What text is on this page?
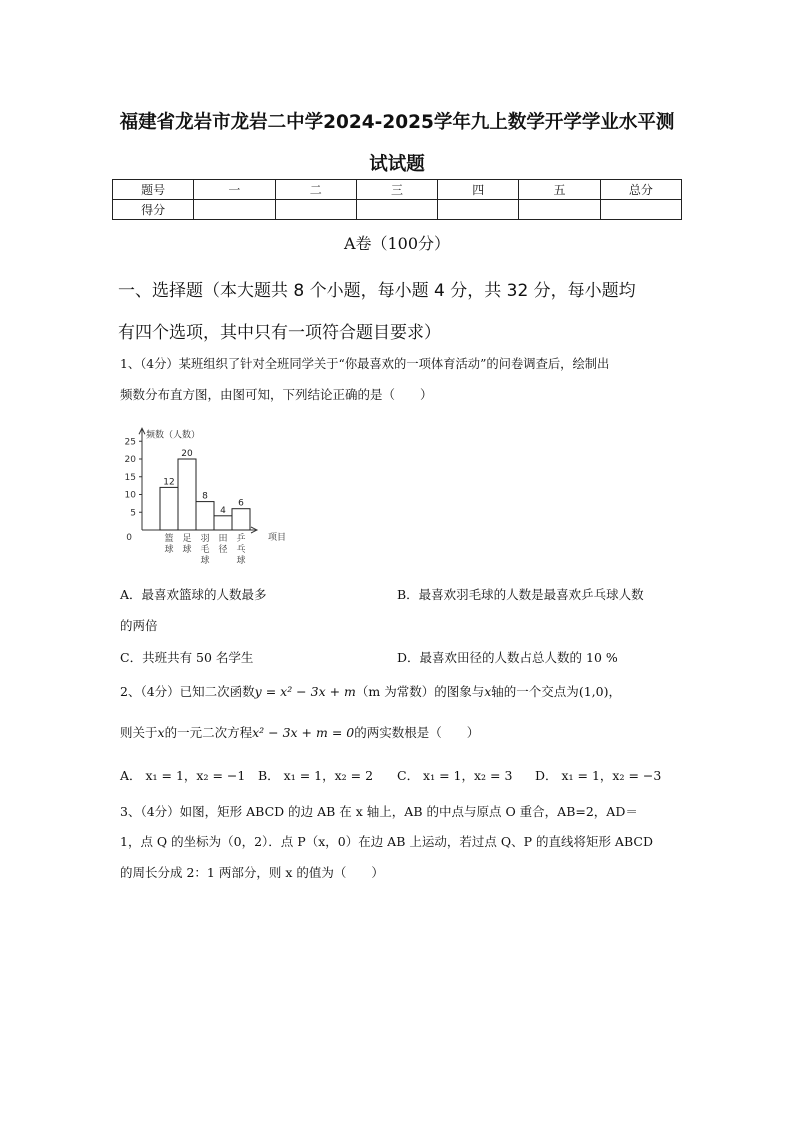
福建省龙岩市龙岩二中学2024-2025学年九上数学开学学业水平测
试试题
题号	一	二	三	四	五	总分
得分						
A卷（100分）
一、选择题（本大题共 8 个小题，每小题 4 分，共 32 分，每小题均
有四个选项，其中只有一项符合题目要求）
1、（4分）某班组织了针对全班同学关于“你最喜欢的一项体育活动”的问卷调查后，绘制出
频数分布直方图，由图可知，下列结论正确的是（　　）
频数（人数）
项目
0
25
20
15
10
5
12
篮
球
20
足
球
8
羽
毛
球
4
田
径
6
乒
乓
球
A．最喜欢篮球的人数最多	B．最喜欢羽毛球的人数是最喜欢乒乓球人数
的两倍
C．共班共有 50 名学生	D．最喜欢田径的人数占总人数的 10 %
2、（4分）已知二次函数y = x² − 3x + m（m 为常数）的图象与x轴的一个交点为(1,0)，
则关于x的一元二次方程x² − 3x + m = 0的两实数根是（　　）
A． x₁ = 1，x₂ = −1 B． x₁ = 1，x₂ = 2 C． x₁ = 1，x₂ = 3 D． x₁ = 1，x₂ = −3
3、（4分）如图，矩形 ABCD 的边 AB 在 x 轴上，AB 的中点与原点 O 重合，AB=2，AD＝
1，点 Q 的坐标为（0，2）．点 P（x，0）在边 AB 上运动，若过点 Q、P 的直线将矩形 ABCD
的周长分成 2：1 两部分，则 x 的值为（　　）
